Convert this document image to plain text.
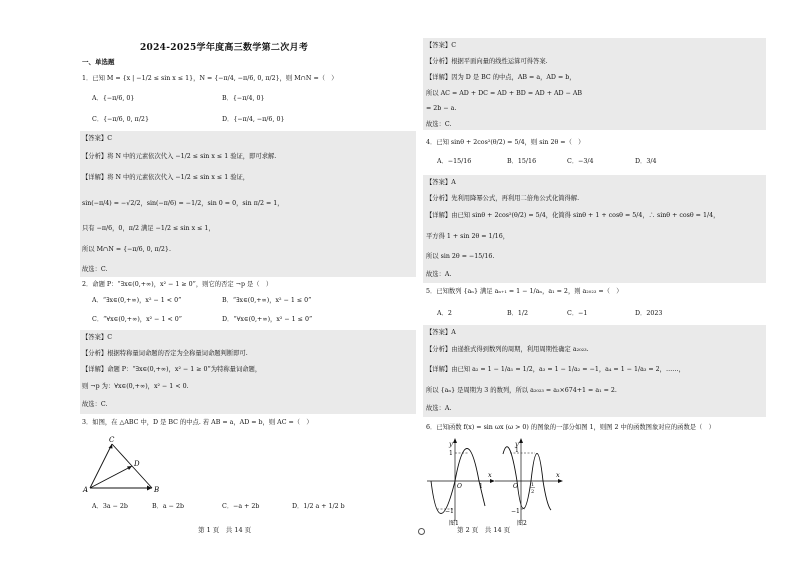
2024-2025学年度高三数学第二次月考
一、单选题
1．已知 M = {x | −1/2 ≤ sin x ≤ 1}，N = {−π/4, −π/6, 0, π/2}，则 M∩N =（　）
A．{−π/6, 0}	B．{−π/4, 0}
C．{−π/6, 0, π/2}	D．{−π/4, −π/6, 0}
【答案】C
【分析】将 N 中的元素依次代入 −1/2 ≤ sin x ≤ 1 验证，即可求解.
【详解】将 N 中的元素依次代入 −1/2 ≤ sin x ≤ 1 验证，
sin(−π/4) = −√2/2，sin(−π/6) = −1/2，sin 0 = 0，sin π/2 = 1，
只有 −π/6，0，π/2 满足 −1/2 ≤ sin x ≤ 1，
所以 M∩N = {−π/6, 0, π/2}.
故选：C.
2．命题 P：“∃x∈(0,+∞)，x² − 1 ≥ 0”，则它的否定 ¬p 是（　）
A．“∃x∈(0,+∞)，x² − 1 < 0”	B．“∃x∈(0,+∞)，x² − 1 ≤ 0”
C．“∀x∈(0,+∞)，x² − 1 < 0”	D．“∀x∈(0,+∞)，x² − 1 ≤ 0”
【答案】C
【分析】根据特称量词命题的否定为全称量词命题判断即可.
【详解】命题 P：“∃x∈(0,+∞)，x² − 1 ≥ 0”为特称量词命题，
则 ¬p 为：∀x∈(0,+∞)，x² − 1 < 0.
故选：C.
3．如图，在 △ABC 中，D 是 BC 的中点. 若 AB = a，AD = b，则 AC =（　）
A	B
C
D
A．3a − 2b	B．a − 2b	C．−a + 2b	D．1/2 a + 1/2 b
第 1 页　共 14 页
【答案】C
【分析】根据平面向量的线性运算可得答案.
【详解】因为 D 是 BC 的中点，AB = a，AD = b，
所以 AC = AD + DC = AD + BD = AD + AD − AB
= 2b − a.
故选：C.
4．已知 sinθ + 2cos²(θ/2) = 5/4，则 sin 2θ =（　）
A．−15/16	B．15/16	C．−3/4	D．3/4
【答案】A
【分析】先利用降幂公式，再利用二倍角公式化简得解.
【详解】由已知 sinθ + 2cos²(θ/2) = 5/4，化简得 sinθ + 1 + cosθ = 5/4，∴ sinθ + cosθ = 1/4，
平方得 1 + sin 2θ = 1/16，
所以 sin 2θ = −15/16.
故选：A.
5．已知数列 {aₙ} 满足 aₙ₊₁ = 1 − 1/aₙ，a₁ = 2，则 a₂₀₂₃ =（　）
A．2	B．1/2	C．−1	D．2023
【答案】A
【分析】由递推式得到数列的周期，利用周期性确定 a₂₀₂₃.
【详解】由已知 a₂ = 1 − 1/a₁ = 1/2，a₃ = 1 − 1/a₂ = −1，a₄ = 1 − 1/a₃ = 2，……，
所以 {aₙ} 是周期为 3 的数列，所以 a₂₀₂₃ = a₃×674+1 = a₁ = 2.
故选：A.
6．已知函数 f(x) = sin ωx (ω > 0) 的图象的一部分如图 1，则图 2 中的函数图象对应的函数是（　）
y
x
1
−1
O	1
图1
y
x
1
−1
O	1
2
图2
第 2 页　共 14 页
